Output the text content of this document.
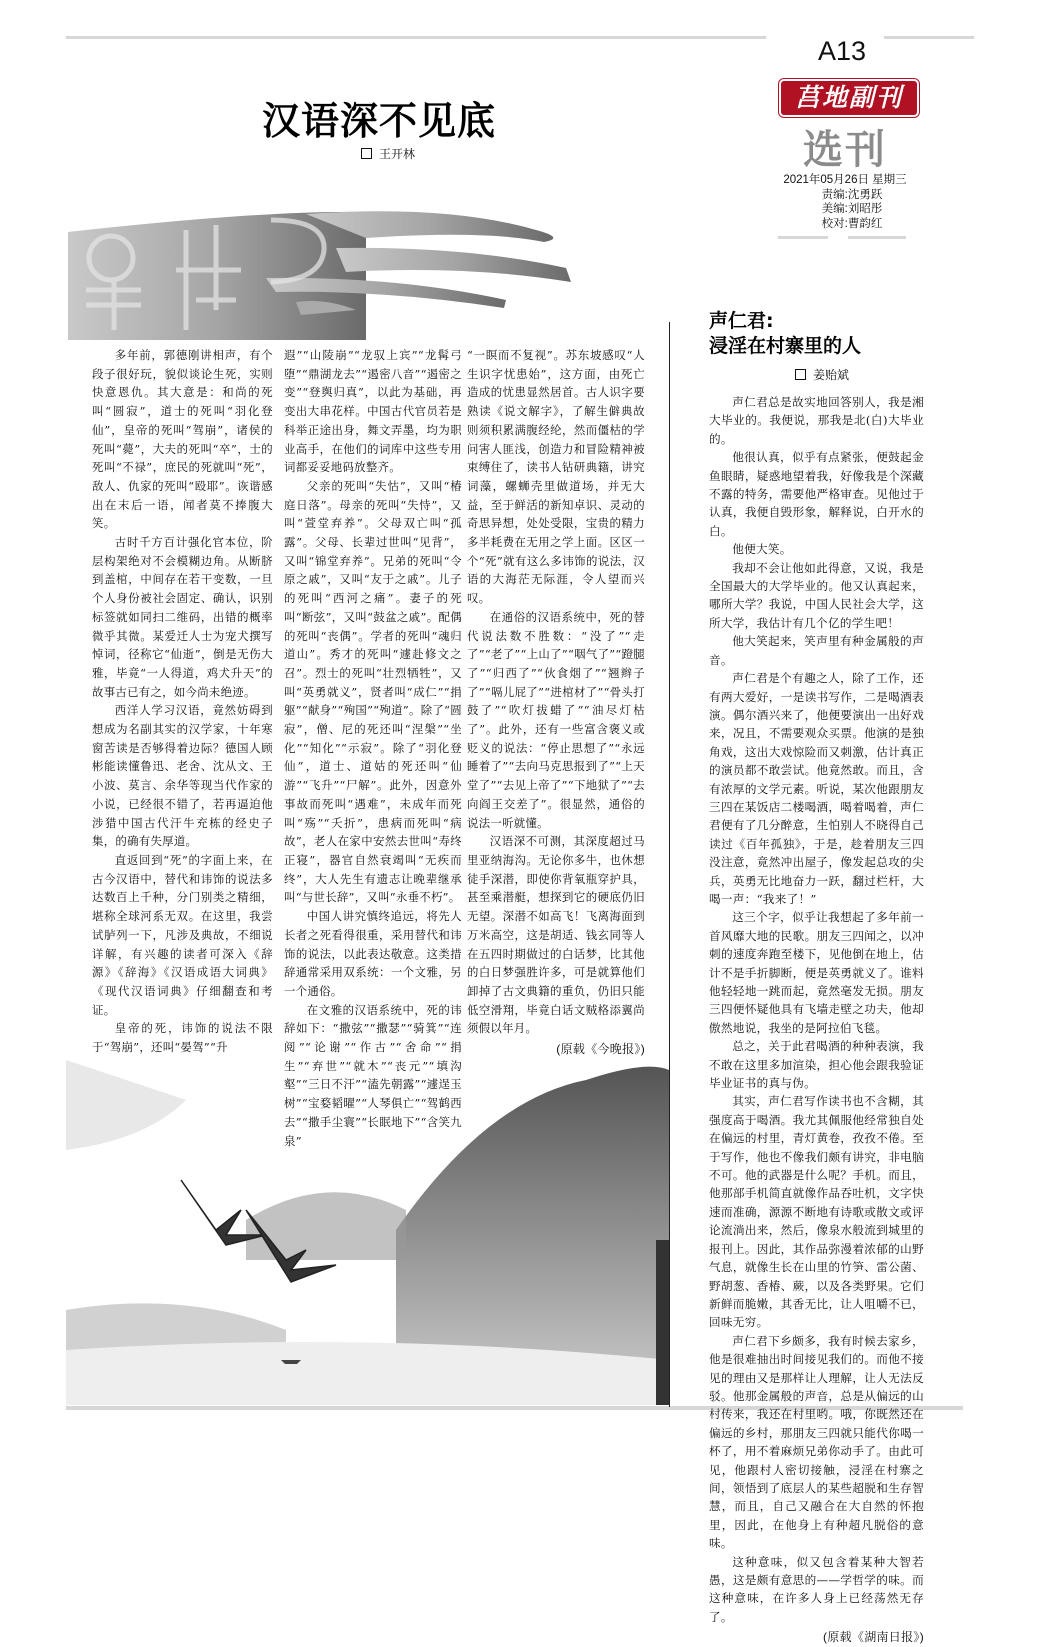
A13
莒地副刊
选刊
2021年05月26日 星期三
责编:沈勇跃
美编:刘昭彤
校对:曹韵红
汉语深不见底
王开林

多年前，郭德刚讲相声，有个段子很好玩，貌似谈论生死，实则快意恩仇。其大意是：和尚的死叫“圆寂”，道士的死叫“羽化登仙”，皇帝的死叫“驾崩”，诸侯的死叫“薨”，大夫的死叫“卒”，士的死叫“不禄”，庶民的死就叫“死”，敌人、仇家的死叫“殴耶”。诙谐感出在末后一语，闻者莫不捧腹大笑。

古时千方百计强化官本位，阶层构架绝对不会模糊边角。从断脐到盖棺，中间存在若干变数，一旦个人身份被社会固定、确认，识别标签就如同扫二维码，出错的概率微乎其微。某爱迁人士为宠犬撰写悼词，径称它“仙逝”，倒是无伤大雅，毕竟“一人得道，鸡犬升天”的故事古已有之，如今尚未绝迹。

西洋人学习汉语，竟然妨碍到想成为名副其实的汉学家，十年寒窗苦读是否够得着边际？德国人顾彬能读懂鲁迅、老舍、沈从文、王小波、莫言、余华等现当代作家的小说，已经很不错了，若再逼迫他涉猎中国古代汗牛充栋的经史子集，的确有失厚道。

直返回到“死”的字面上来，在古今汉语中，替代和讳饰的说法多达数百上千种，分门别类之精细，堪称全球河系无双。在这里，我尝试胪列一下，凡涉及典故，不细说详解，有兴趣的读者可深入《辞源》《辞海》《汉语成语大词典》《现代汉语词典》仔细翻查和考证。

皇帝的死，讳饰的说法不限于“驾崩”，还叫“晏驾”“升

遐”“山陵崩”“龙驭上宾”“龙髯弓堕”“鼎湖龙去”“遏密八音”“遏密之变”“登舆归真”，以此为基础，再变出大串花样。中国古代官员若是科举正途出身，舞文弄墨，均为职业高手，在他们的词库中这些专用词都妥妥地码放整齐。

父亲的死叫“失怙”，又叫“椿庭日落”。母亲的死叫“失恃”，又叫“萱堂弃养”。父母双亡叫“孤露”。父母、长辈过世叫“见背”，又叫“锦堂弃养”。兄弟的死叫“令原之戚”，又叫“友于之戚”。儿子的死叫“西河之痛”。妻子的死叫“断弦”，又叫“鼓盆之戚”。配偶的死叫“丧偶”。学者的死叫“魂归道山”。秀才的死叫“遽赴修文之召”。烈士的死叫“壮烈牺牲”，又叫“英勇就义”，贤者叫“成仁”“捐躯”“献身”“殉国”“殉道”。除了“圆寂”，僧、尼的死还叫“涅槃”“坐化”“知化”“示寂”。除了“羽化登仙”，道士、道姑的死还叫“仙游”“飞升”“尸解”。此外，因意外事故而死叫“遇难”，未成年而死叫“殇”“夭折”，患病而死叫“病故”，老人在家中安然去世叫“寿终正寝”，器官自然衰竭叫“无疾而终”，大人先生有遗志让晚辈继承叫“与世长辞”，又叫“永垂不朽”。

中国人讲究慎终追远，将先人长者之死看得很重，采用替代和讳饰的说法，以此表达敬意。这类措辞通常采用双系统：一个文雅，另一个通俗。

在文雅的汉语系统中，死的讳辞如下：“撒弦”“撒瑟”“骑箕”“连阅”“论谢”“作古”“舍命”“捐生”“弃世”“就木”“丧元”“填沟壑”“三日不汗”“溘先朝露”“遽逞玉树”“宝婺韬曜”“人琴俱亡”“驾鹤西去”“撒手尘寰”“长眠地下”“含笑九泉”

“一瞑而不复视”。苏东坡感叹“人生识字忧患始”，这方面，由死亡造成的忧患显然居首。古人识字要熟读《说文解字》，了解生僻典故则须积累满腹经纶，然而僵枯的学问害人匪浅，创造力和冒险精神被束缚住了，读书人钻研典籍，讲究词藻，螺蛳壳里做道场，并无大益，至于鲜活的新知卓识、灵动的奇思异想，处处受限，宝贵的精力多半耗费在无用之学上面。区区一个“死”就有这么多讳饰的说法，汉语的大海茫无际涯，令人望而兴叹。

在通俗的汉语系统中，死的替代说法数不胜数：“没了”“走了”“老了”“上山了”“咽气了”“蹬腿了”“归西了”“伙食烟了”“翘辫子了”“嗝儿屁了”“进棺材了”“骨头打鼓了”“吹灯拔蜡了”“油尽灯枯了”。此外，还有一些富含褒义或贬义的说法：“停止思想了”“永远睡着了”“去向马克思报到了”“上天堂了”“去见上帝了”“下地狱了”“去向阎王交差了”。很显然，通俗的说法一听就懂。

汉语深不可测，其深度超过马里亚纳海沟。无论你多牛，也休想徒手深潜，即使你背氧瓶穿护具，甚至乘潜艇，想探到它的硬底仍旧无望。深潜不如高飞！飞离海面到万米高空，这是胡适、钱玄同等人在五四时期做过的白话梦，比其他的白日梦强胜许多，可是就算他们卸掉了古文典籍的重负，仍旧只能低空滑翔，毕竟白话文贼格添翼尚须假以年月。

(原载《今晚报》)
声仁君:
浸淫在村寨里的人
姜贻斌

声仁君总是故实地回答别人，我是湘大毕业的。我便说，那我是北(白)大毕业的。

他很认真，似乎有点紧张，便鼓起金鱼眼睛，疑惑地望着我，好像我是个深藏不露的特务，需要他严格审查。见他过于认真，我便自毁形象，解释说，白开水的白。

他便大笑。

我却不会让他如此得意，又说，我是全国最大的大学毕业的。他又认真起来，哪所大学？我说，中国人民社会大学，这所大学，我估计有几个亿的学生吧！

他大笑起来，笑声里有种金属般的声音。

声仁君是个有趣之人，除了工作，还有两大爱好，一是读书写作，二是喝酒表演。偶尔酒兴来了，他便要演出一出好戏来，况且，不需要观众买票。他演的是独角戏，这出大戏惊险而又刺激，估计真正的演员都不敢尝试。他竟然敢。而且，含有浓厚的文学元素。听说，某次他跟朋友三四在某饭店二楼喝酒，喝着喝着，声仁君便有了几分醉意，生怕别人不晓得自己读过《百年孤独》，于是，趁着朋友三四没注意，竟然冲出屋子，像发起总攻的尖兵，英勇无比地奋力一跃，翻过栏杆，大喝一声：“我来了！”

这三个字，似乎让我想起了多年前一首风靡大地的民歌。朋友三四闻之，以冲刺的速度奔跑至楼下，见他倒在地上，估计不是手折脚断，便是英勇就义了。谁料他轻轻地一跳而起，竟然毫发无损。朋友三四便怀疑他具有飞墙走壁之功夫，他却傲然地说，我坐的是阿拉伯飞毯。

总之，关于此君喝酒的种种表演，我不敢在这里多加渲染，担心他会跟我验证毕业证书的真与伪。

其实，声仁君写作读书也不含糊，其强度高于喝酒。我尤其佩服他经常独自处在偏远的村里，青灯黄卷，孜孜不倦。至于写作，他也不像我们颇有讲究，非电脑不可。他的武器是什么呢？手机。而且，他那部手机简直就像作品吞吐机，文字快速而准确，源源不断地有诗歌或散文或评论流淌出来，然后，像泉水般流到城里的报刊上。因此，其作品弥漫着浓郁的山野气息，就像生长在山里的竹笋、雷公菌、野胡葱、香椿、蕨，以及各类野果。它们新鲜而脆嫩，其香无比，让人咀嚼不已，回味无穷。

声仁君下乡颇多，我有时候去家乡，他是很难抽出时间接见我们的。而他不接见的理由又是那样让人理解，让人无法反驳。他那金属般的声音，总是从偏远的山村传来，我还在村里哟。哦，你既然还在偏远的乡村，那朋友三四就只能代你喝一杯了，用不着麻烦兄弟你动手了。由此可见，他跟村人密切接触，浸淫在村寨之间，领悟到了底层人的某些超脱和生存智慧，而且，自己又融合在大自然的怀抱里，因此，在他身上有种超凡脱俗的意味。

这种意味，似又包含着某种大智若愚，这是颇有意思的——学哲学的味。而这种意味，在许多人身上已经荡然无存了。

(原载《湖南日报》)
